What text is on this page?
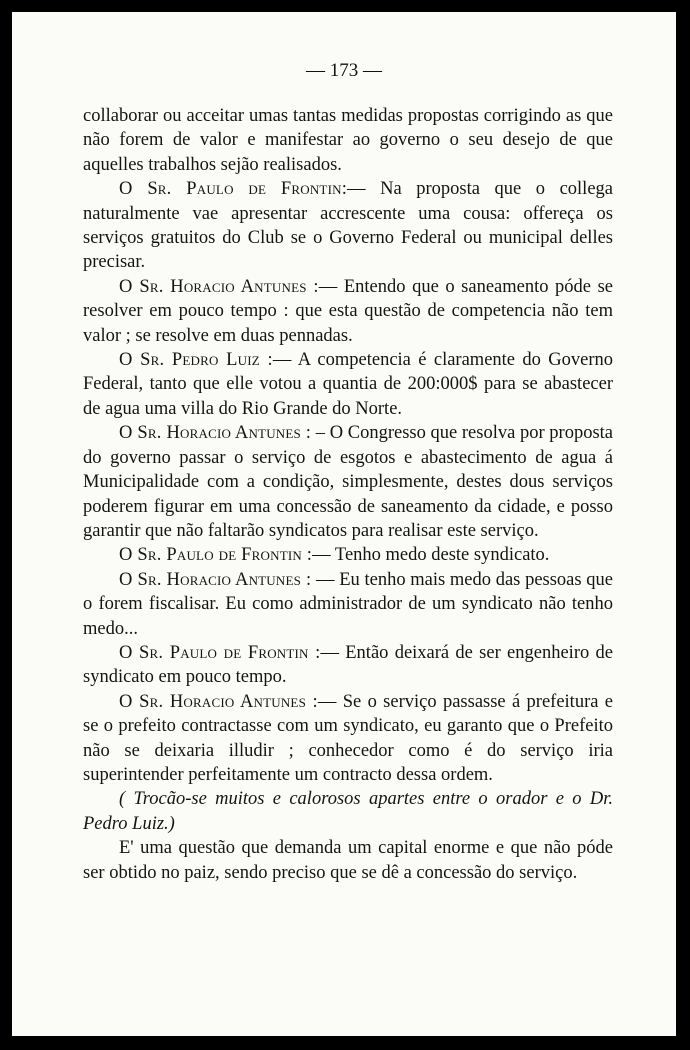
— 173 —

collaborar ou acceitar umas tantas medidas propostas corrigindo as que não forem de valor e manifestar ao governo o seu desejo de que aquelles trabalhos sejão realisados.

O Sr. Paulo de Frontin:— Na proposta que o collega naturalmente vae apresentar accrescente uma cousa: offereça os serviços gratuitos do Club se o Governo Federal ou municipal delles precisar.

O Sr. Horacio Antunes :— Entendo que o saneamento póde se resolver em pouco tempo : que esta questão de competencia não tem valor ; se resolve em duas pennadas.

O Sr. Pedro Luiz :— A competencia é claramente do Governo Federal, tanto que elle votou a quantia de 200:000$ para se abastecer de agua uma villa do Rio Grande do Norte.

O Sr. Horacio Antunes : – O Congresso que resolva por proposta do governo passar o serviço de esgotos e abastecimento de agua á Municipalidade com a condição, simplesmente, destes dous serviços poderem figurar em uma concessão de saneamento da cidade, e posso garantir que não faltarão syndicatos para realisar este serviço.

O Sr. Paulo de Frontin :— Tenho medo deste syndicato.

O Sr. Horacio Antunes : — Eu tenho mais medo das pessoas que o forem fiscalisar. Eu como administrador de um syndicato não tenho medo...

O Sr. Paulo de Frontin :— Então deixará de ser engenheiro de syndicato em pouco tempo.

O Sr. Horacio Antunes :— Se o serviço passasse á prefeitura e se o prefeito contractasse com um syndicato, eu garanto que o Prefeito não se deixaria illudir ; conhecedor como é do serviço iria superintender perfeitamente um contracto dessa ordem.

( Trocão-se muitos e calorosos apartes entre o orador e o Dr. Pedro Luiz.)

E' uma questão que demanda um capital enorme e que não póde ser obtido no paiz, sendo preciso que se dê a concessão do serviço.
